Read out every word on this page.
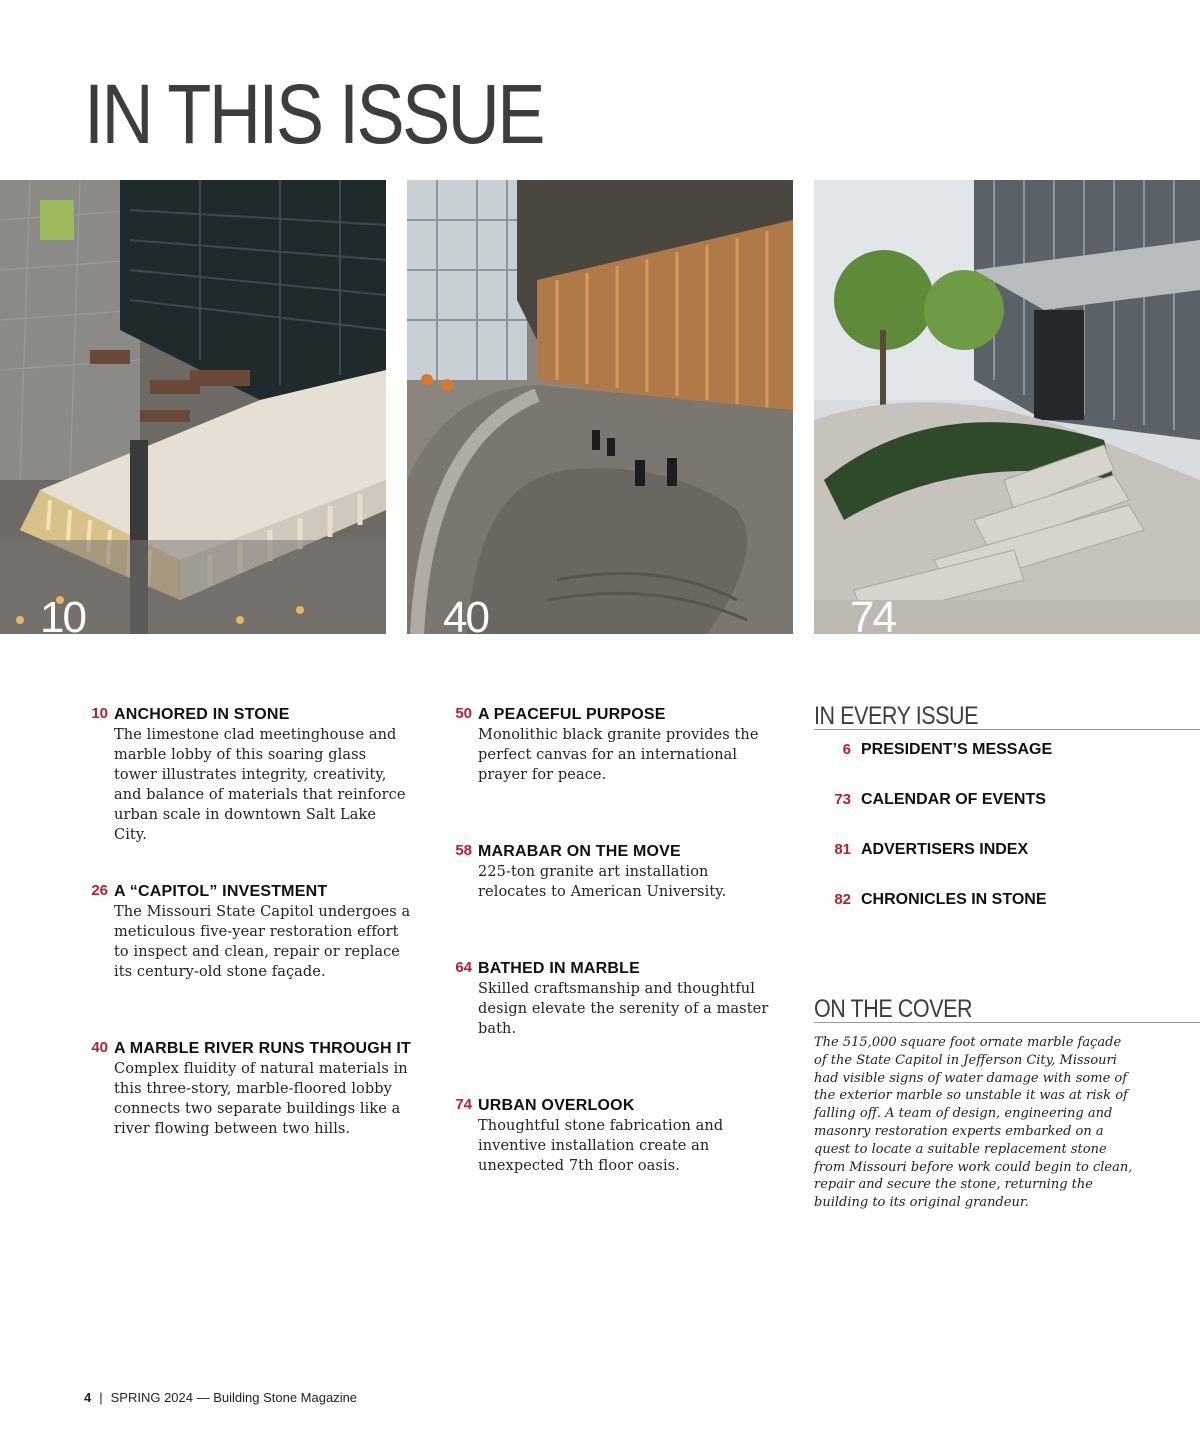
IN THIS ISSUE
10	40	74
10 ANCHORED IN STONE
The limestone clad meetinghouse and marble lobby of this soaring glass tower illustrates integrity, creativity, and balance of materials that reinforce urban scale in downtown Salt Lake City.
26 A “CAPITOL” INVESTMENT
The Missouri State Capitol undergoes a meticulous five-year restoration effort to inspect and clean, repair or replace its century-old stone façade.
40 A MARBLE RIVER RUNS THROUGH IT
Complex fluidity of natural materials in this three-story, marble-floored lobby connects two separate buildings like a river flowing between two hills.
50 A PEACEFUL PURPOSE
Monolithic black granite provides the perfect canvas for an international prayer for peace.
58 MARABAR ON THE MOVE
225-ton granite art installation relocates to American University.
64 BATHED IN MARBLE
Skilled craftsmanship and thoughtful design elevate the serenity of a master bath.
74 URBAN OVERLOOK
Thoughtful stone fabrication and inventive installation create an unexpected 7th floor oasis.
IN EVERY ISSUE
6 PRESIDENT’S MESSAGE
73 CALENDAR OF EVENTS
81 ADVERTISERS INDEX
82 CHRONICLES IN STONE
ON THE COVER

The 515,000 square foot ornate marble façade of the State Capitol in Jefferson City, Missouri had visible signs of water damage with some of the exterior marble so unstable it was at risk of falling off. A team of design, engineering and masonry restoration experts embarked on a quest to locate a suitable replacement stone from Missouri before work could begin to clean, repair and secure the stone, returning the building to its original grandeur.

4 | SPRING 2024 — Building Stone Magazine
